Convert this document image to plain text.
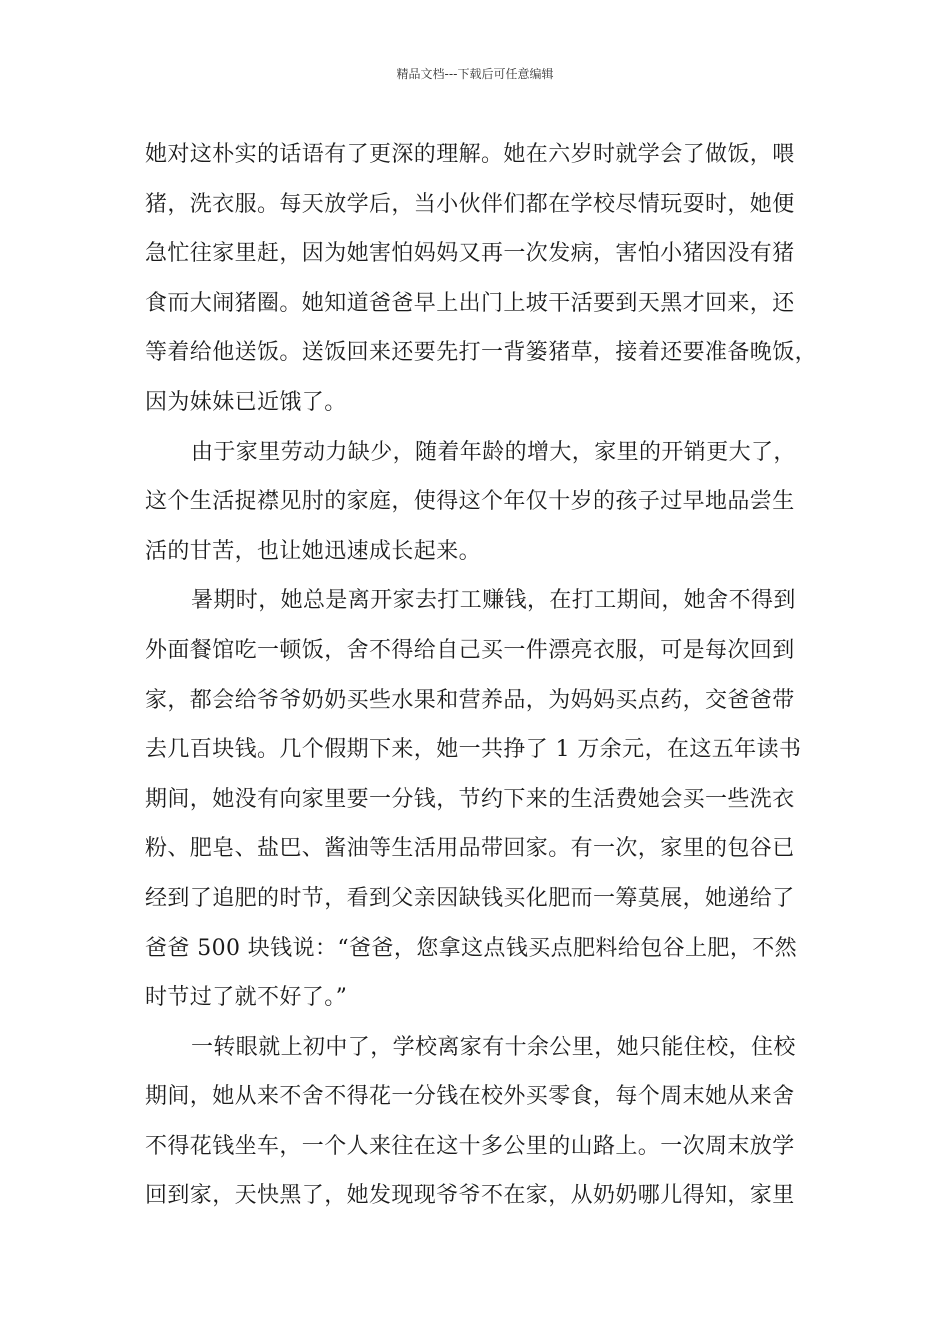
精品文档---下载后可任意编辑
她对这朴实的话语有了更深的理解。她在六岁时就学会了做饭，喂
猪，洗衣服。每天放学后，当小伙伴们都在学校尽情玩耍时，她便
急忙往家里赶，因为她害怕妈妈又再一次发病，害怕小猪因没有猪
食而大闹猪圈。她知道爸爸早上出门上坡干活要到天黑才回来，还
等着给他送饭。送饭回来还要先打一背篓猪草，接着还要准备晚饭，
因为妹妹已近饿了。
由于家里劳动力缺少，随着年龄的增大，家里的开销更大了，
这个生活捉襟见肘的家庭，使得这个年仅十岁的孩子过早地品尝生
活的甘苦，也让她迅速成长起来。
暑期时，她总是离开家去打工赚钱，在打工期间，她舍不得到
外面餐馆吃一顿饭，舍不得给自己买一件漂亮衣服，可是每次回到
家，都会给爷爷奶奶买些水果和营养品，为妈妈买点药，交爸爸带
去几百块钱。几个假期下来，她一共挣了 1 万余元，在这五年读书
期间，她没有向家里要一分钱，节约下来的生活费她会买一些洗衣
粉、肥皂、盐巴、酱油等生活用品带回家。有一次，家里的包谷已
经到了追肥的时节，看到父亲因缺钱买化肥而一筹莫展，她递给了
爸爸 500 块钱说：“爸爸，您拿这点钱买点肥料给包谷上肥，不然
时节过了就不好了。”
一转眼就上初中了，学校离家有十余公里，她只能住校，住校
期间，她从来不舍不得花一分钱在校外买零食，每个周末她从来舍
不得花钱坐车，一个人来往在这十多公里的山路上。一次周末放学
回到家，天快黑了，她发现现爷爷不在家，从奶奶哪儿得知，家里
